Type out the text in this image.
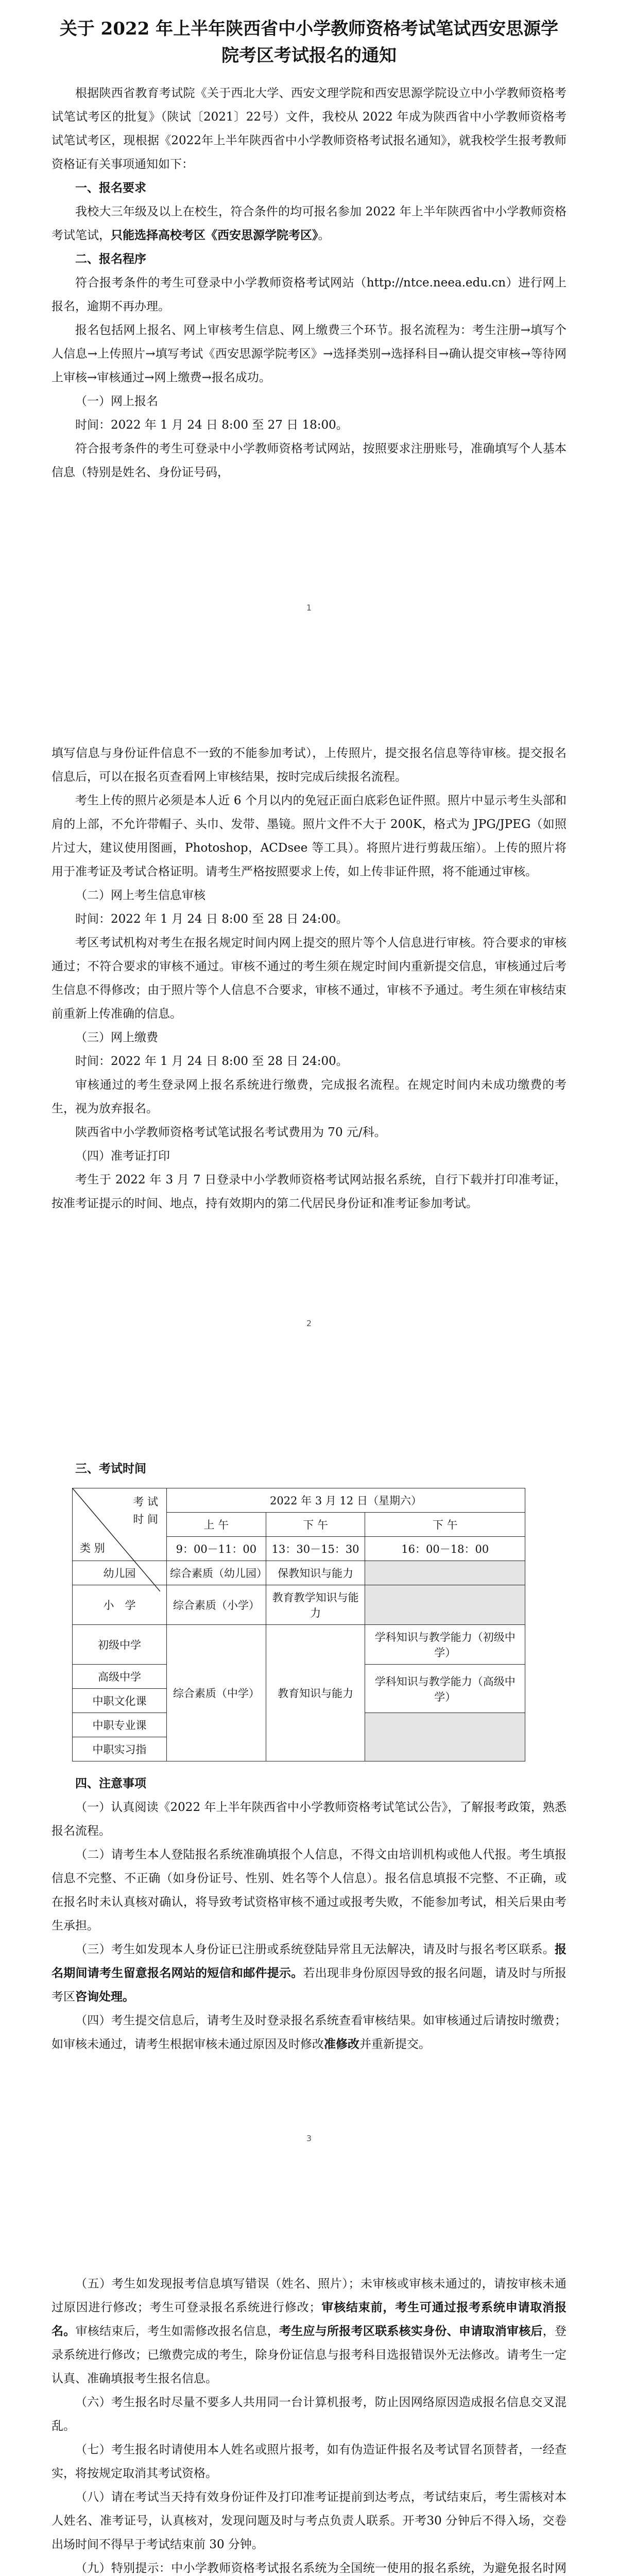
关于 2022 年上半年陕西省中小学教师资格考试笔试西安思源学院考区考试报名的通知

根据陕西省教育考试院《关于西北大学、西安文理学院和西安思源学院设立中小学教师资格考试笔试考区的批复》（陕试〔2021〕22号）文件，我校从 2022 年成为陕西省中小学教师资格考试笔试考区，现根据《2022年上半年陕西省中小学教师资格考试报名通知》，就我校学生报考教师资格证有关事项通知如下：

一、报名要求

我校大三年级及以上在校生，符合条件的均可报名参加 2022 年上半年陕西省中小学教师资格考试笔试，只能选择高校考区《西安思源学院考区》。

二、报名程序

符合报考条件的考生可登录中小学教师资格考试网站（http://ntce.neea.edu.cn）进行网上报名，逾期不再办理。

报名包括网上报名、网上审核考生信息、网上缴费三个环节。报名流程为：考生注册→填写个人信息→上传照片→填写考试《西安思源学院考区》→选择类别→选择科目→确认提交审核→等待网上审核→审核通过→网上缴费→报名成功。

（一）网上报名

时间：2022 年 1 月 24 日 8:00 至 27 日 18:00。

符合报考条件的考生可登录中小学教师资格考试网站，按照要求注册账号，准确填写个人基本信息（特别是姓名、身份证号码，

1

填写信息与身份证件信息不一致的不能参加考试），上传照片，提交报名信息等待审核。提交报名信息后，可以在报名页查看网上审核结果，按时完成后续报名流程。

考生上传的照片必须是本人近 6 个月以内的免冠正面白底彩色证件照。照片中显示考生头部和肩的上部，不允许带帽子、头巾、发带、墨镜。照片文件不大于 200K，格式为 JPG/JPEG（如照片过大，建议使用图画，Photoshop，ACDsee 等工具）。将照片进行剪裁压缩）。上传的照片将用于准考证及考试合格证明。请考生严格按照要求上传，如上传非证件照，将不能通过审核。

（二）网上考生信息审核

时间：2022 年 1 月 24 日 8:00 至 28 日 24:00。

考区考试机构对考生在报名规定时间内网上提交的照片等个人信息进行审核。符合要求的审核通过；不符合要求的审核不通过。审核不通过的考生须在规定时间内重新提交信息，审核通过后考生信息不得修改；由于照片等个人信息不合要求，审核不通过，审核不予通过。考生须在审核结束前重新上传准确的信息。

（三）网上缴费

时间：2022 年 1 月 24 日 8:00 至 28 日 24:00。

审核通过的考生登录网上报名系统进行缴费，完成报名流程。在规定时间内未成功缴费的考生，视为放弃报名。

陕西省中小学教师资格考试笔试报名考试费用为 70 元/科。

（四）准考证打印

考生于 2022 年 3 月 7 日登录中小学教师资格考试网站报名系统，自行下载并打印准考证，按准考证提示的时间、地点，持有效期内的第二代居民身份证和准考证参加考试。

2

三、考试时间

考 试
时 间
类 别	2022 年 3 月 12 日（星期六）		
	上 午	下 午	下 午
	9：00－11：00	13：30－15：30	16：00－18：00
幼儿园	综合素质（幼儿园）	保教知识与能力	
小　学	综合素质（小学）	教育教学知识与能力	
初级中学	综合素质（中学）	教育知识与能力	学科知识与教学能力（初级中学）
高级中学			学科知识与教学能力（高级中学）
中职文化课			
中职专业课			
中职实习指			

四、注意事项

（一）认真阅读《2022 年上半年陕西省中小学教师资格考试笔试公告》，了解报考政策，熟悉报名流程。

（二）请考生本人登陆报名系统准确填报个人信息，不得文由培训机构或他人代报。考生填报信息不完整、不正确（如身份证号、性别、姓名等个人信息）。报名信息填报不完整、不正确，或在报名时未认真核对确认，将导致考试资格审核不通过或报考失败，不能参加考试，相关后果由考生承担。

（三）考生如发现本人身份证已注册或系统登陆异常且无法解决，请及时与报名考区联系。报名期间请考生留意报名网站的短信和邮件提示。若出现非身份原因导致的报名问题，请及时与所报考区咨询处理。

（四）考生提交信息后，请考生及时登录报名系统查看审核结果。如审核通过后请按时缴费；如审核未通过，请考生根据审核未通过原因及时修改准修改并重新提交。

3

（五）考生如发现报考信息填写错误（姓名、照片）；未审核或审核未通过的，请按审核未通过原因进行修改；考生可登录报名系统进行修改；审核结束前，考生可通过报考系统申请取消报名。审核结束后，考生如需修改报名信息，考生应与所报考区联系核实身份、申请取消审核后，登录系统进行修改；已缴费完成的考生，除身份证信息与报考科目选报错误外无法修改。请考生一定认真、准确填报考生报名信息。

（六）考生报名时尽量不要多人共用同一台计算机报考，防止因网络原因造成报名信息交叉混乱。

（七）考生报名时请使用本人姓名或照片报考，如有伪造证件报名及考试冒名顶替者，一经查实，将按规定取消其考试资格。

（八）请在考试当天持有效身份证件及打印准考证提前到达考点，考试结束后，考生需核对本人姓名、准考证号，认真核对，发现问题及时与考点负责人联系。开考30 分钟后不得入场，交卷出场时间不得早于考试结束前 30 分钟。

（九）特别提示：中小学教师资格考试报名系统为全国统一使用的报名系统，为避免报名时网
